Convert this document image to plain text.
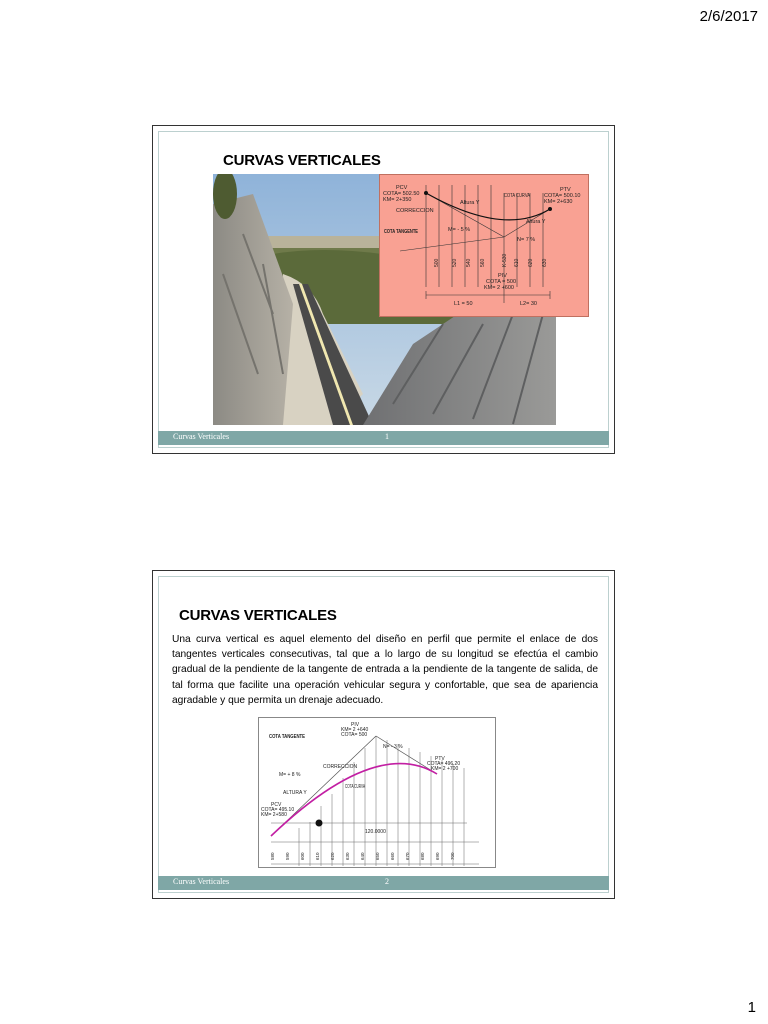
2/6/2017
CURVAS VERTICALES
PCV
COTA= 502.50
KM= 2+350
CORRECCION
Altura Y
COTA CURVA
PTV
COTA= 500.10
KM= 2+630
Altura Y
COTA TANGENTE	M= - 5 %
N= 7 %
PIV
COTA = 500
KM= 2 +600
L1 = 50	L2= 30
500 520 540 560	K-530 610 620 630
Curvas Verticales	1
CURVAS VERTICALES
Una curva vertical es aquel elemento del diseño en perfil que permite el enlace de dos tangentes verticales consecutivas, tal que a lo largo de su longitud se efectúa el cambio gradual de la pendiente de la tangente de entrada a la pendiente de la tangente de salida, de tal forma que facilite una operación vehicular segura y confortable, que sea de apariencia agradable y que permita un drenaje adecuado.
PIV
KM= 2 +640
COTA= 500
COTA TANGENTE
N= - 3 %
PTV
COTA= 496.20
KM= 2 +700
M= + 8 %
CORRECCION
ALTURA Y
COTA CURVA
PCV
COTA= 495.10
KM= 2+580
120.0000
580 590 600 610 620 630 640 650 660 670 680 690 700
Curvas Verticales	2
1
